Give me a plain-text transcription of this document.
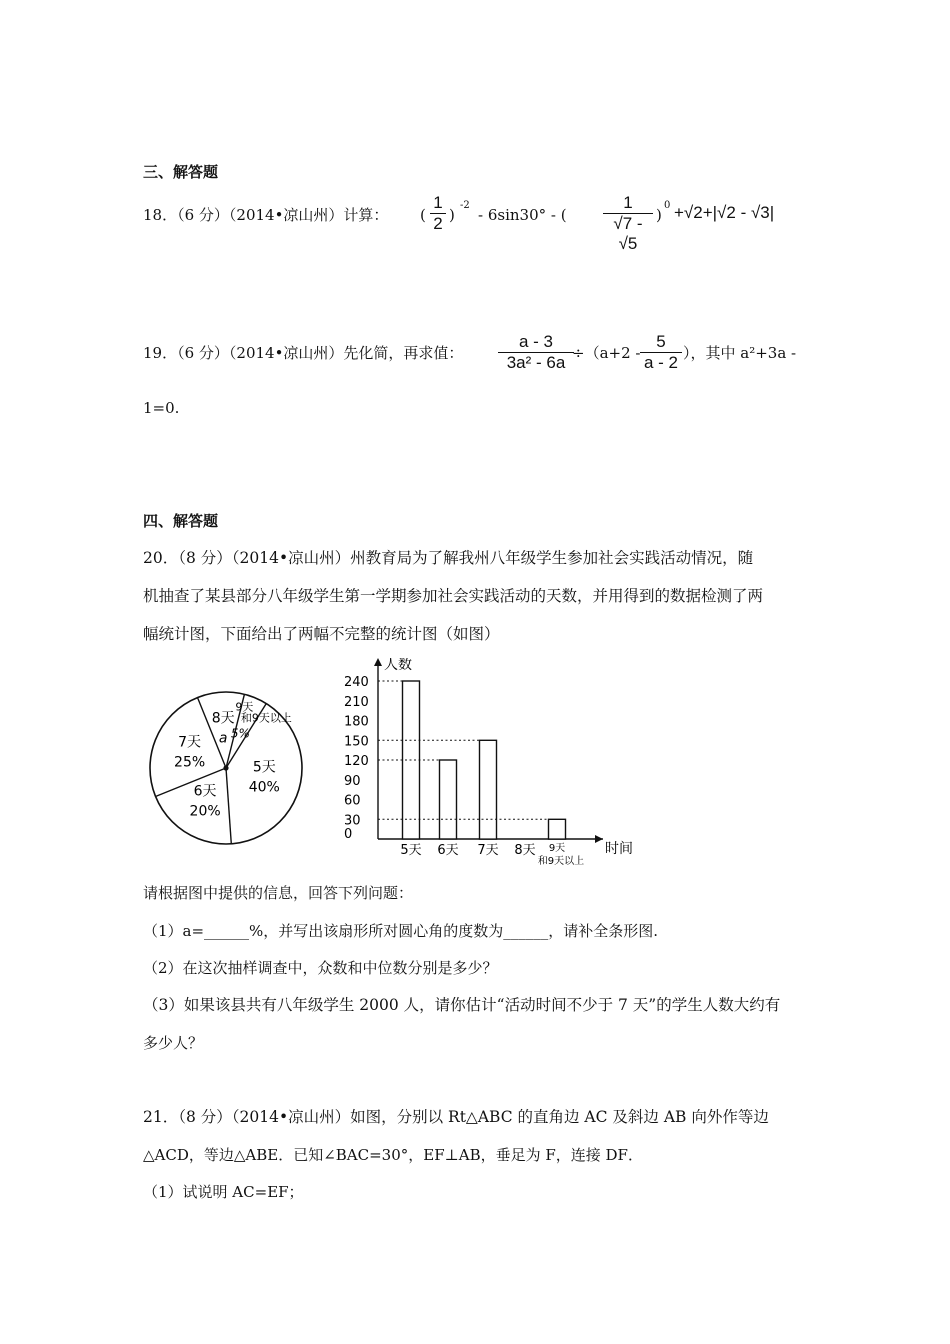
三、解答题
18．（6 分）（2014•凉山州）计算： (
1
2 )
-2
- 6sin30° - (
1
√7 - √5
)
0 +√2+|√2 - √3|
19．（6 分）（2014•凉山州）先化简，再求值：
a - 3
3a² - 6a ÷（a+2 -
5
a - 2 ），其中 a²+3a -
1=0.
四、解答题
20．（8 分）（2014•凉山州）州教育局为了解我州八年级学生参加社会实践活动情况，随
机抽查了某县部分八年级学生第一学期参加社会实践活动的天数，并用得到的数据检测了两
幅统计图，下面给出了两幅不完整的统计图（如图）
8天
a
9天
和9天以上
5%
5天
40%
6天
20%
7天
25%
人数
时间
0
30
60
90
120
150
180
210
240
5天 6天 7天 8天 9天
和9天以上
请根据图中提供的信息，回答下列问题：
（1）a=______%，并写出该扇形所对圆心角的度数为______，请补全条形图.
（2）在这次抽样调查中，众数和中位数分别是多少？
（3）如果该县共有八年级学生 2000 人，请你估计“活动时间不少于 7 天”的学生人数大约有
多少人？
21．（8 分）（2014•凉山州）如图，分别以 Rt△ABC 的直角边 AC 及斜边 AB 向外作等边
△ACD，等边△ABE．已知∠BAC=30°，EF⊥AB，垂足为 F，连接 DF．
（1）试说明 AC=EF；
